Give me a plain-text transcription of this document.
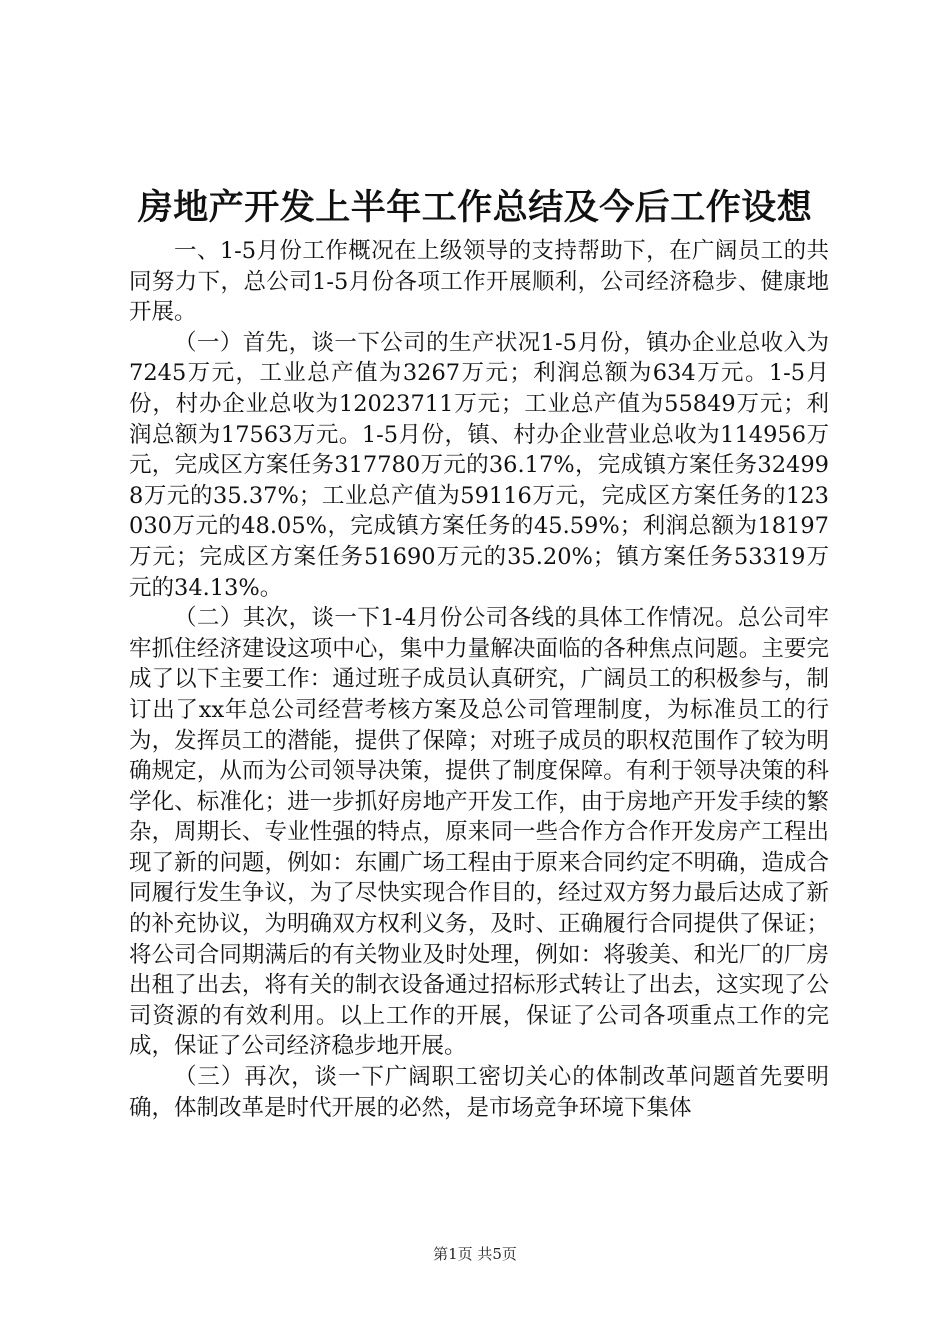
房地产开发上半年工作总结及今后工作设想

一、1-5月份工作概况在上级领导的支持帮助下，在广阔员工的共同努力下，总公司1-5月份各项工作开展顺利，公司经济稳步、健康地开展。

（一）首先，谈一下公司的生产状况1-5月份，镇办企业总收入为7245万元，工业总产值为3267万元；利润总额为634万元。1-5月份，村办企业总收为12023711万元；工业总产值为55849万元；利润总额为17563万元。1-5月份，镇、村办企业营业总收为114956万元，完成区方案任务317780万元的36.17%，完成镇方案任务324998万元的35.37%；工业总产值为59116万元，完成区方案任务的123030万元的48.05%，完成镇方案任务的45.59%；利润总额为18197万元；完成区方案任务51690万元的35.20%；镇方案任务53319万元的34.13%。

（二）其次，谈一下1-4月份公司各线的具体工作情况。总公司牢牢抓住经济建设这项中心，集中力量解决面临的各种焦点问题。主要完成了以下主要工作：通过班子成员认真研究，广阔员工的积极参与，制订出了xx年总公司经营考核方案及总公司管理制度，为标准员工的行为，发挥员工的潜能，提供了保障；对班子成员的职权范围作了较为明确规定，从而为公司领导决策，提供了制度保障。有利于领导决策的科学化、标准化；进一步抓好房地产开发工作，由于房地产开发手续的繁杂，周期长、专业性强的特点，原来同一些合作方合作开发房产工程出现了新的问题，例如：东圃广场工程由于原来合同约定不明确，造成合同履行发生争议，为了尽快实现合作目的，经过双方努力最后达成了新的补充协议，为明确双方权利义务，及时、正确履行合同提供了保证；将公司合同期满后的有关物业及时处理，例如：将骏美、和光厂的厂房出租了出去，将有关的制衣设备通过招标形式转让了出去，这实现了公司资源的有效利用。以上工作的开展，保证了公司各项重点工作的完成，保证了公司经济稳步地开展。

（三）再次，谈一下广阔职工密切关心的体制改革问题首先要明确，体制改革是时代开展的必然，是市场竞争环境下集体

第1页 共5页
